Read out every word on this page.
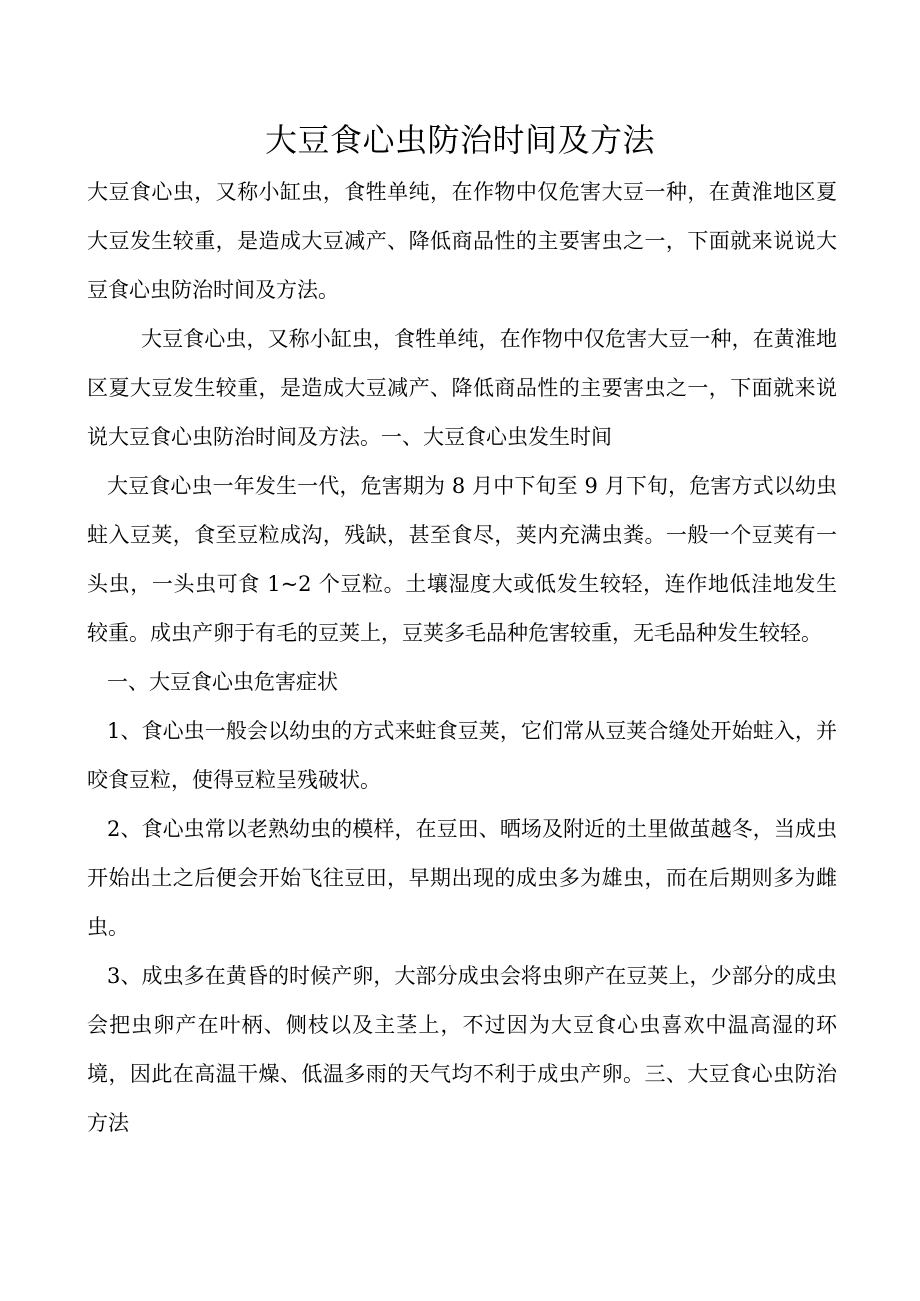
大豆食心虫防治时间及方法

大豆食心虫，又称小缸虫，食牲单纯，在作物中仅危害大豆一种，在黄淮地区夏大豆发生较重，是造成大豆减产、降低商品性的主要害虫之一，下面就来说说大豆食心虫防治时间及方法。

大豆食心虫，又称小缸虫，食牲单纯，在作物中仅危害大豆一种，在黄淮地区夏大豆发生较重，是造成大豆减产、降低商品性的主要害虫之一，下面就来说说大豆食心虫防治时间及方法。一、大豆食心虫发生时间

大豆食心虫一年发生一代，危害期为 8 月中下旬至 9 月下旬，危害方式以幼虫蛀入豆荚，食至豆粒成沟，残缺，甚至食尽，荚内充满虫粪。一般一个豆荚有一头虫，一头虫可食 1~2 个豆粒。土壤湿度大或低发生较轻，连作地低洼地发生较重。成虫产卵于有毛的豆荚上，豆荚多毛品种危害较重，无毛品种发生较轻。

一、大豆食心虫危害症状

1、食心虫一般会以幼虫的方式来蛀食豆荚，它们常从豆荚合缝处开始蛀入，并咬食豆粒，使得豆粒呈残破状。

2、食心虫常以老熟幼虫的模样，在豆田、晒场及附近的土里做茧越冬，当成虫开始出土之后便会开始飞往豆田，早期出现的成虫多为雄虫，而在后期则多为雌虫。

3、成虫多在黄昏的时候产卵，大部分成虫会将虫卵产在豆荚上，少部分的成虫会把虫卵产在叶柄、侧枝以及主茎上，不过因为大豆食心虫喜欢中温高湿的环境，因此在高温干燥、低温多雨的天气均不利于成虫产卵。三、大豆食心虫防治方法
